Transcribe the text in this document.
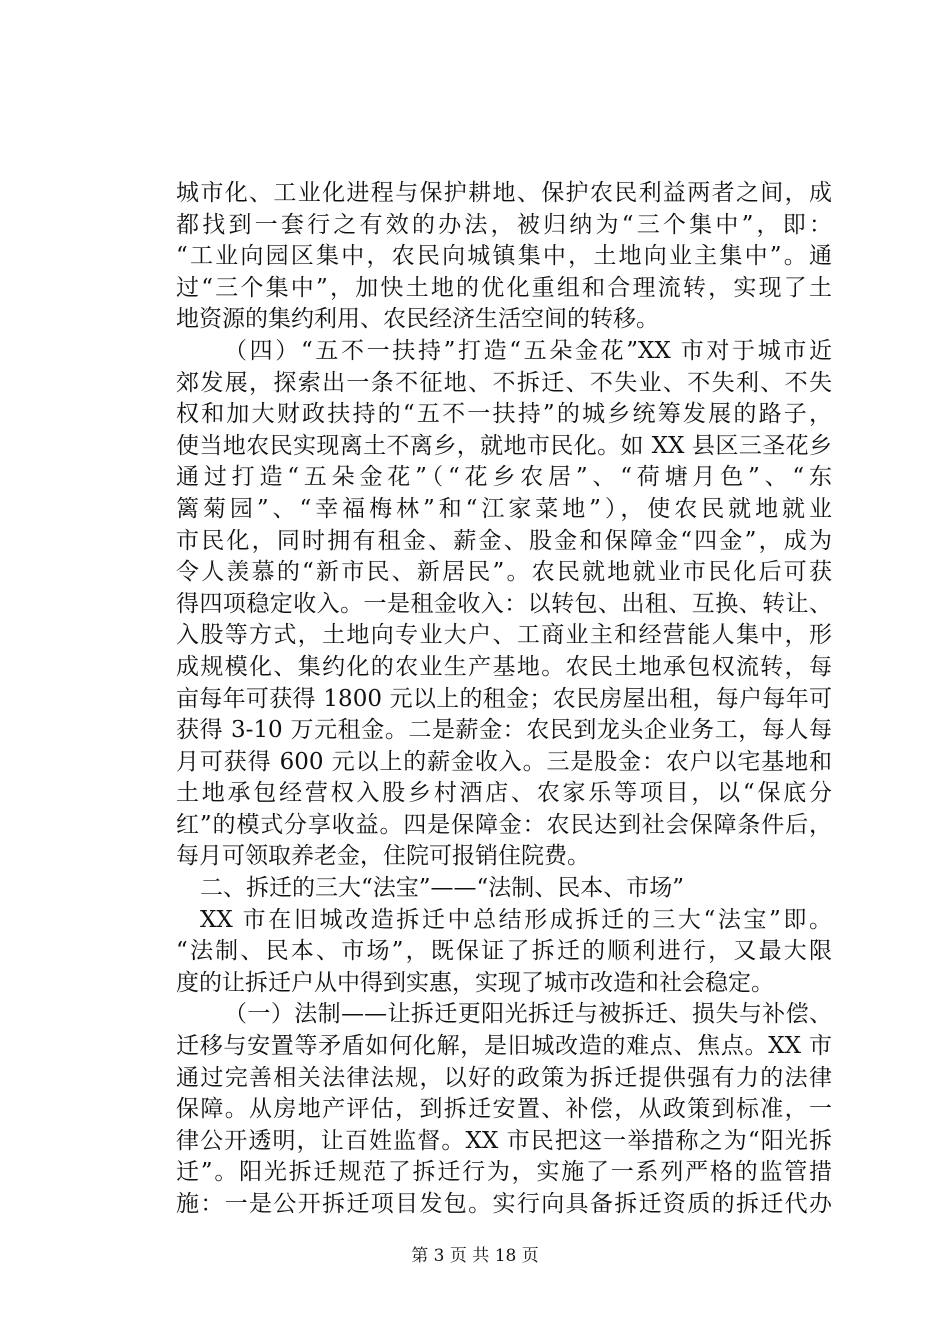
城市化、工业化进程与保护耕地、保护农民利益两者之间，成
都找到一套行之有效的办法，被归纳为“三个集中”，即：
“工业向园区集中，农民向城镇集中，土地向业主集中”。通
过“三个集中”，加快土地的优化重组和合理流转，实现了土
地资源的集约利用、农民经济生活空间的转移。
（四）“五不一扶持”打造“五朵金花”XX 市对于城市近
郊发展，探索出一条不征地、不拆迁、不失业、不失利、不失
权和加大财政扶持的“五不一扶持”的城乡统筹发展的路子，
使当地农民实现离土不离乡，就地市民化。如 XX 县区三圣花乡
通过打造“五朵金花”（“花乡农居”、“荷塘月色”、“东
篱菊园”、“幸福梅林”和“江家菜地”），使农民就地就业
市民化，同时拥有租金、薪金、股金和保障金“四金”，成为
令人羡慕的“新市民、新居民”。农民就地就业市民化后可获
得四项稳定收入。一是租金收入：以转包、出租、互换、转让、
入股等方式，土地向专业大户、工商业主和经营能人集中，形
成规模化、集约化的农业生产基地。农民土地承包权流转，每
亩每年可获得 1800 元以上的租金；农民房屋出租，每户每年可
获得 3-10 万元租金。二是薪金：农民到龙头企业务工，每人每
月可获得 600 元以上的薪金收入。三是股金：农户以宅基地和
土地承包经营权入股乡村酒店、农家乐等项目，以“保底分
红”的模式分享收益。四是保障金：农民达到社会保障条件后，
每月可领取养老金，住院可报销住院费。
二、拆迁的三大“法宝”——“法制、民本、市场”
XX 市在旧城改造拆迁中总结形成拆迁的三大“法宝”即。
“法制、民本、市场”，既保证了拆迁的顺利进行，又最大限
度的让拆迁户从中得到实惠，实现了城市改造和社会稳定。
（一）法制——让拆迁更阳光拆迁与被拆迁、损失与补偿、
迁移与安置等矛盾如何化解，是旧城改造的难点、焦点。XX 市
通过完善相关法律法规，以好的政策为拆迁提供强有力的法律
保障。从房地产评估，到拆迁安置、补偿，从政策到标准，一
律公开透明，让百姓监督。XX 市民把这一举措称之为“阳光拆
迁”。阳光拆迁规范了拆迁行为，实施了一系列严格的监管措
施：一是公开拆迁项目发包。实行向具备拆迁资质的拆迁代办
第 3 页 共 18 页
